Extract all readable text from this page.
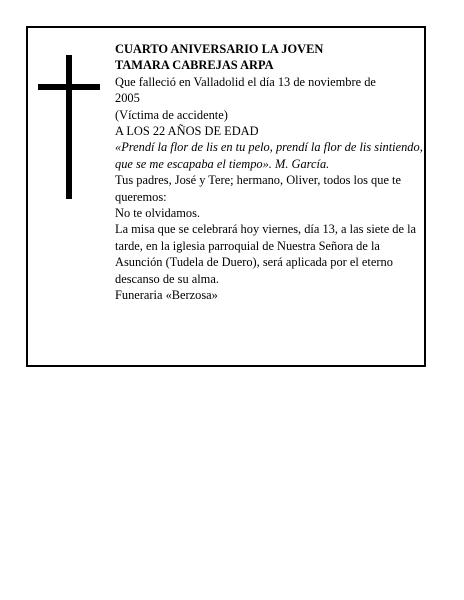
CUARTO ANIVERSARIO LA JOVEN

TAMARA CABREJAS ARPA

Que falleció en Valladolid el día 13 de noviembre de 2005

(Víctima de accidente)

A LOS 22 AÑOS DE EDAD

«Prendí la flor de lis en tu pelo, prendí la flor de lis sintiendo, que se me escapaba el tiempo». M. García.

Tus padres, José y Tere; hermano, Oliver, todos los que te queremos:

No te olvidamos.

La misa que se celebrará hoy viernes, día 13, a las siete de la tarde, en la iglesia parroquial de Nuestra Señora de la Asunción (Tudela de Duero), será aplicada por el eterno descanso de su alma.

Funeraria «Berzosa»
